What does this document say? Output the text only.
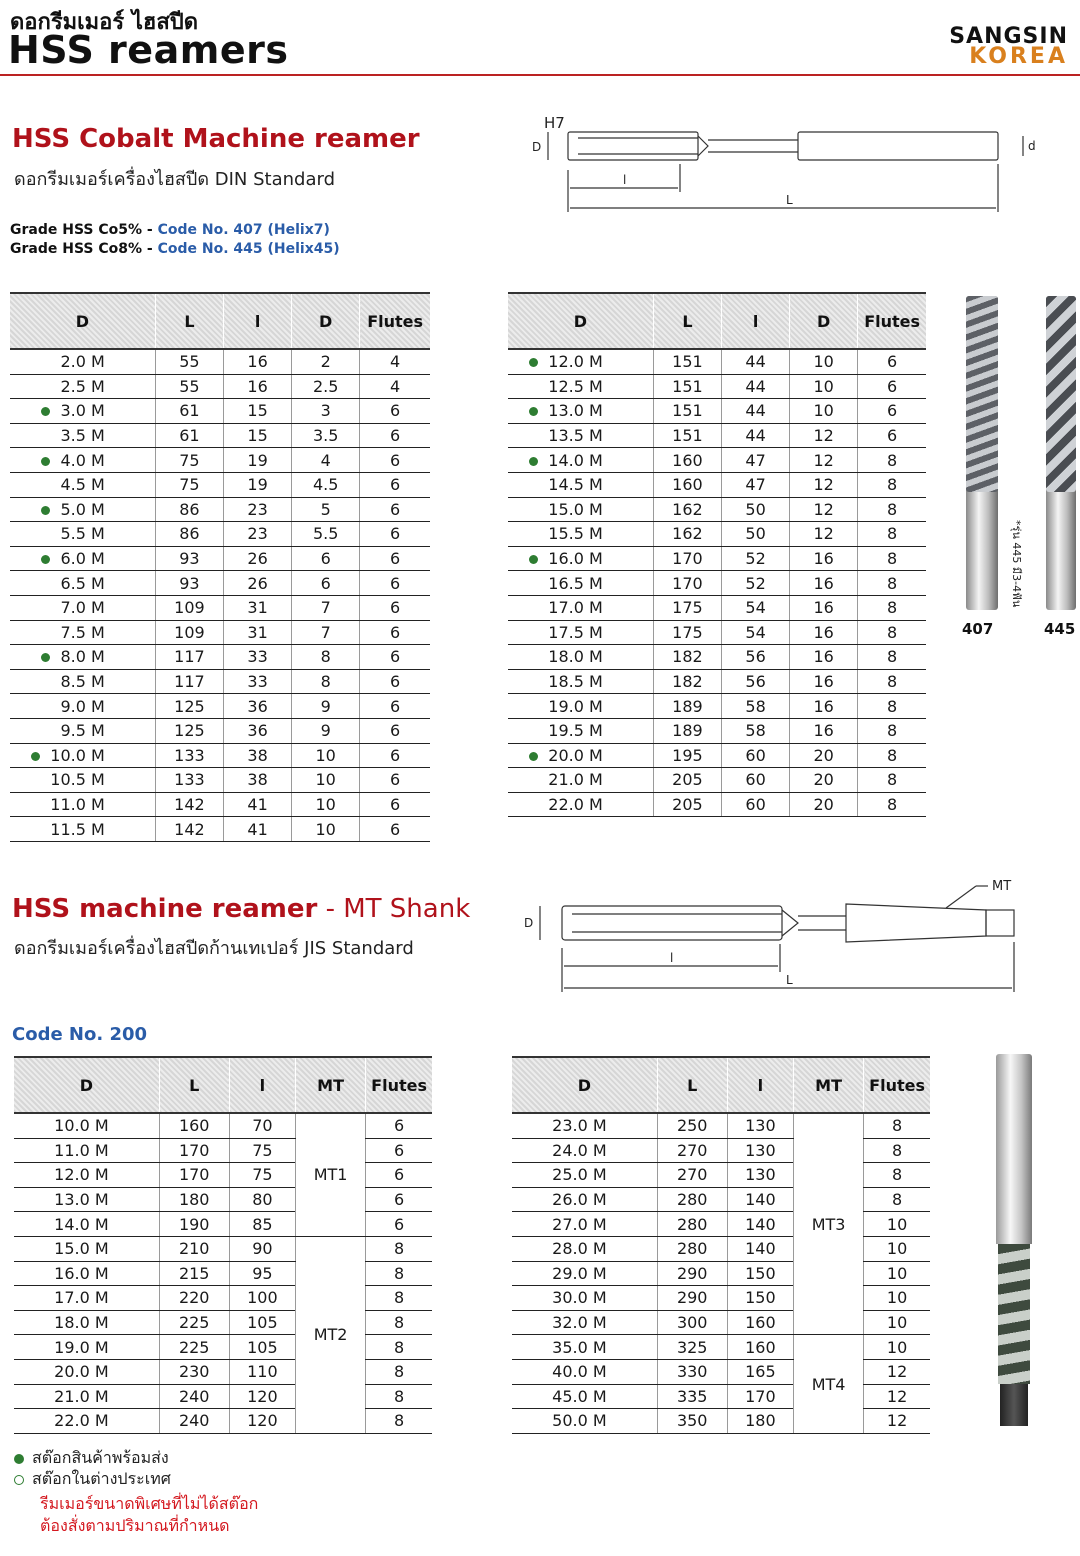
ดอกรีมเมอร์ ไฮสปีด
HSS reamers	SANGSIN
KOREA
HSS Cobalt Machine reamer
ดอกรีมเมอร์เครื่องไฮสปีด DIN Standard
Grade HSS Co5% - Code No. 407 (Helix7)
Grade HSS Co8% - Code No. 445 (Helix45)
H7
D	d
l
L
D	L	l	D	Flutes
2.0 M	55	16	2	4
2.5 M	55	16	2.5	4
3.0 M	61	15	3	6
3.5 M	61	15	3.5	6
4.0 M	75	19	4	6
4.5 M	75	19	4.5	6
5.0 M	86	23	5	6
5.5 M	86	23	5.5	6
6.0 M	93	26	6	6
6.5 M	93	26	6	6
7.0 M	109	31	7	6
7.5 M	109	31	7	6
8.0 M	117	33	8	6
8.5 M	117	33	8	6
9.0 M	125	36	9	6
9.5 M	125	36	9	6
10.0 M	133	38	10	6
10.5 M	133	38	10	6
11.0 M	142	41	10	6
11.5 M	142	41	10	6
D	L	l	D	Flutes
12.0 M	151	44	10	6
12.5 M	151	44	10	6
13.0 M	151	44	10	6
13.5 M	151	44	12	6
14.0 M	160	47	12	8
14.5 M	160	47	12	8
15.0 M	162	50	12	8
15.5 M	162	50	12	8
16.0 M	170	52	16	8
16.5 M	170	52	16	8
17.0 M	175	54	16	8
17.5 M	175	54	16	8
18.0 M	182	56	16	8
18.5 M	182	56	16	8
19.0 M	189	58	16	8
19.5 M	189	58	16	8
20.0 M	195	60	20	8
21.0 M	205	60	20	8
22.0 M	205	60	20	8
*รุ่น 445 มี3-4ฟัน
407	445
HSS machine reamer - MT Shank
ดอกรีมเมอร์เครื่องไฮสปีดก้านเทเปอร์ JIS Standard
Code No. 200
MT
D
l
L
D	L	l	MT	Flutes
10.0 M	160	70	MT1	6
11.0 M	170	75		6
12.0 M	170	75		6
13.0 M	180	80		6
14.0 M	190	85		6
15.0 M	210	90	MT2	8
16.0 M	215	95		8
17.0 M	220	100		8
18.0 M	225	105		8
19.0 M	225	105		8
20.0 M	230	110		8
21.0 M	240	120		8
22.0 M	240	120		8
D	L	l	MT	Flutes
23.0 M	250	130	MT3	8
24.0 M	270	130		8
25.0 M	270	130		8
26.0 M	280	140		8
27.0 M	280	140		10
28.0 M	280	140		10
29.0 M	290	150		10
30.0 M	290	150		10
32.0 M	300	160		10
35.0 M	325	160	MT4	10
40.0 M	330	165		12
45.0 M	335	170		12
50.0 M	350	180		12
สต๊อกสินค้าพร้อมส่ง
สต๊อกในต่างประเทศ
รีมเมอร์ขนาดพิเศษที่ไม่ได้สต๊อก
ต้องสั่งตามปริมาณที่กำหนด
